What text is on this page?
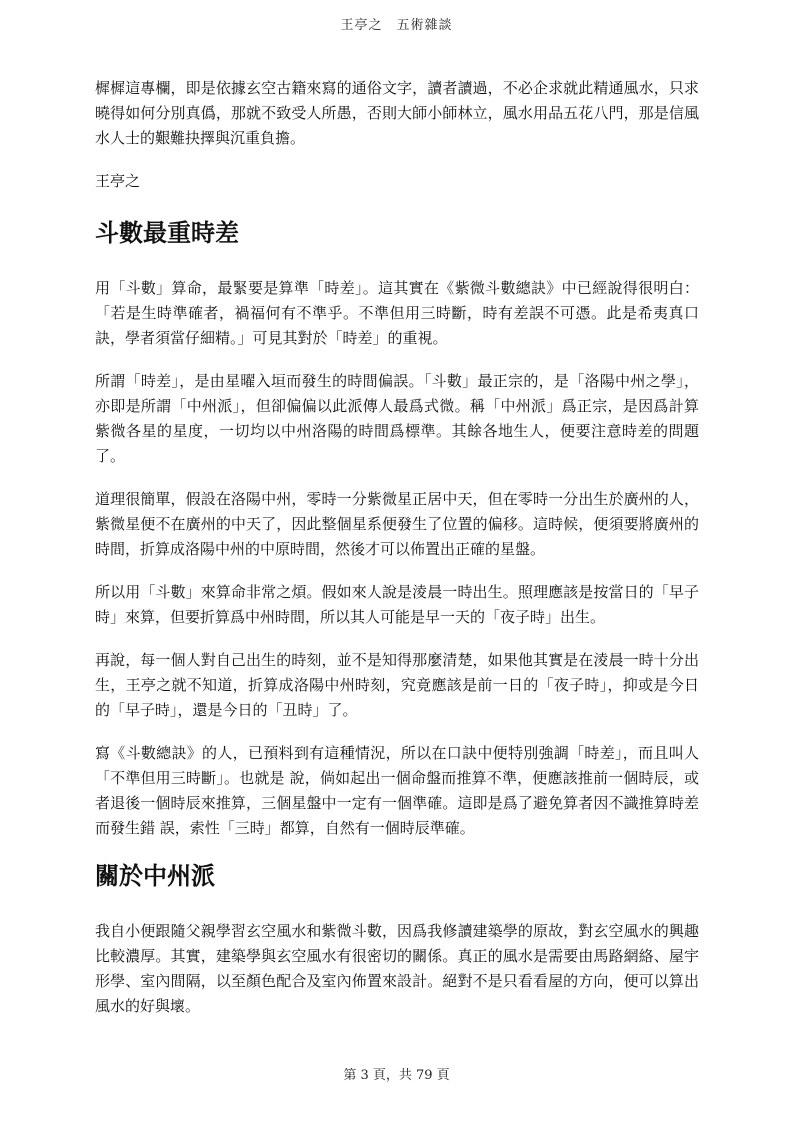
王亭之 五術雜談

樨樨這專欄，即是依據玄空古籍來寫的通俗文字，讀者讀過，不必企求就此精通風水，只求曉得如何分別真僞，那就不致受人所愚，否則大師小師林立，風水用品五花八門，那是信風水人士的艱難抉擇與沉重負擔。

王亭之

斗數最重時差

用「斗數」算命，最緊要是算準「時差」。這其實在《紫微斗數總訣》中已經說得很明白：「若是生時準確者，禍福何有不準乎。不準但用三時斷，時有差誤不可憑。此是希夷真口訣，學者須當仔細精。」可見其對於「時差」的重視。

所謂「時差」，是由星曜入垣而發生的時間偏誤。「斗數」最正宗的，是「洛陽中州之學」，亦即是所謂「中州派」，但卻偏偏以此派傳人最爲式微。稱「中州派」爲正宗，是因爲計算紫微各星的星度，一切均以中州洛陽的時間爲標準。其餘各地生人，便要注意時差的問題了。

道理很簡單，假設在洛陽中州，零時一分紫微星正居中天，但在零時一分出生於廣州的人，紫微星便不在廣州的中天了，因此整個星系便發生了位置的偏移。這時候，便須要將廣州的時間，折算成洛陽中州的中原時間，然後才可以佈置出正確的星盤。

所以用「斗數」來算命非常之煩。假如來人說是淩晨一時出生。照理應該是按當日的「早子時」來算，但要折算爲中州時間，所以其人可能是早一天的「夜子時」出生。

再說，每一個人對自己出生的時刻，並不是知得那麼清楚，如果他其實是在淩晨一時十分出生，王亭之就不知道，折算成洛陽中州時刻，究竟應該是前一日的「夜子時」，抑或是今日的「早子時」，還是今日的「丑時」了。

寫《斗數總訣》的人，已預料到有這種情況，所以在口訣中便特別強調「時差」，而且叫人「不準但用三時斷」。也就是 說，倘如起出一個命盤而推算不準，便應該推前一個時辰，或者退後一個時辰來推算，三個星盤中一定有一個準確。這即是爲了避免算者因不識推算時差而發生錯 誤，索性「三時」都算，自然有一個時辰準確。

關於中州派

我自小便跟隨父親學習玄空風水和紫微斗數，因爲我修讀建築學的原故，對玄空風水的興趣比較濃厚。其實，建築學與玄空風水有很密切的關係。真正的風水是需要由馬路網絡、屋宇形學、室內間隔，以至顏色配合及室內佈置來設計。絕對不是只看看屋的方向，便可以算出風水的好與壞。

第 3 頁，共 79 頁
